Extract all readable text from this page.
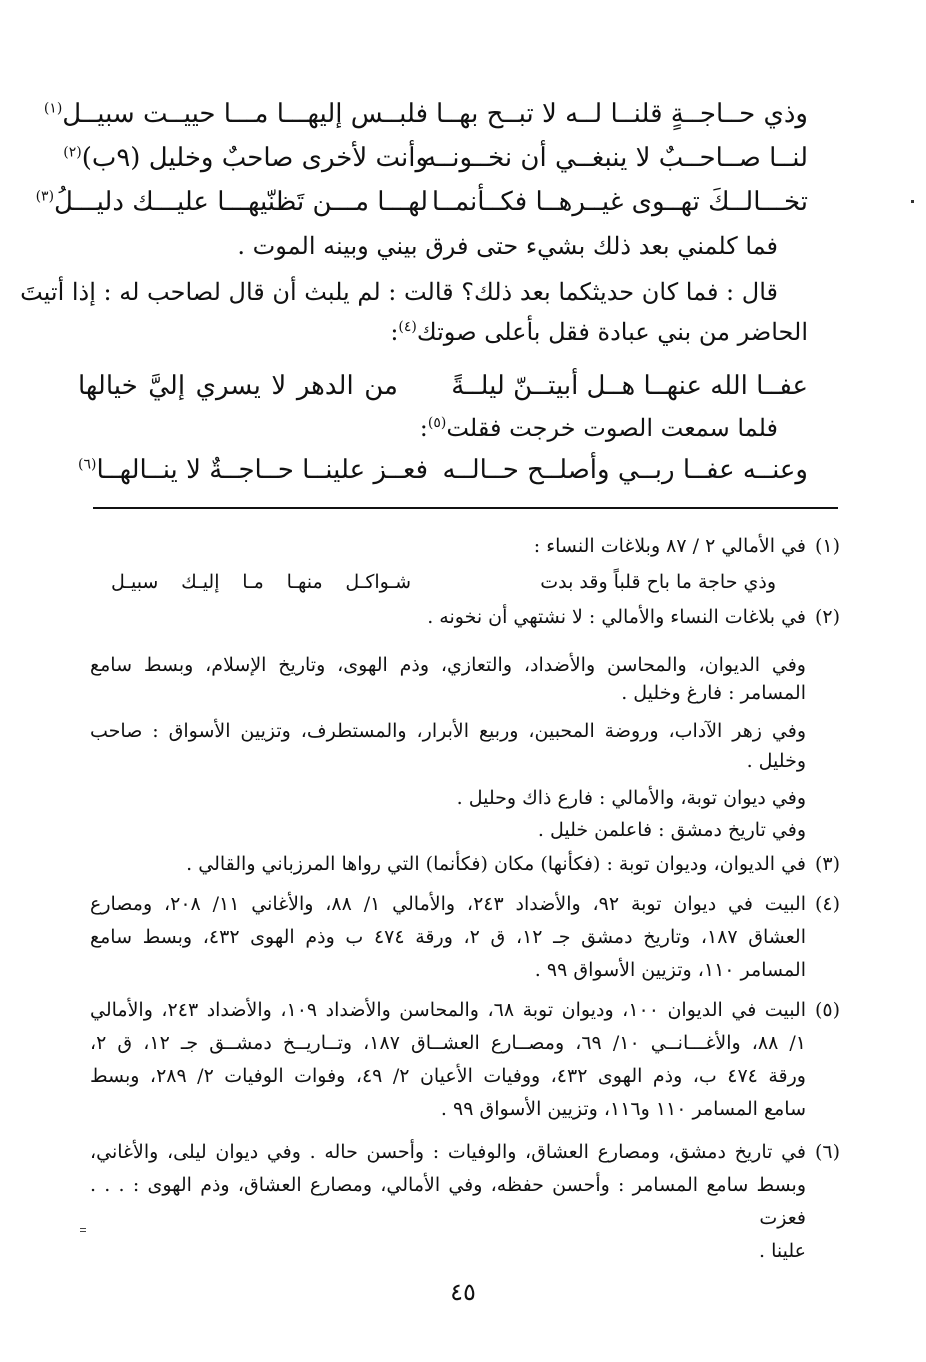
وذي حــاجــةٍ قلنــا لــه لا تبــح بهــا
فلبــس إليهـــا مـــا حييــت سبيــل$^{(١)}$
لنــا صــاحــبٌ لا ينبغــي أن نخــونــه
وأنت لأخرى صاحبٌ وخليل (٩ب)$^{(٢)}$
تخـــالــكَ تهــوى غيــرهــا فكــأنمــا
لهـــا مـــن تَظنّيهـــا عليـــك دليـــلُ$^{(٣)}$
فما كلمني بعد ذلك بشيء حتى فرق بيني وبينه الموت .
قال : فما كان حديثكما بعد ذلك؟ قالت : لم يلبث أن قال لصاحب له : إذا أتيتَ
الحاضر من بني عبادة فقل بأعلى صوتك$^{(٤)}$:
عفــا الله عنهــا هــل أبيتــنّ ليلــةً
من الدهر لا يسري إليَّ خيالها
فلما سمعت الصوت خرجت فقلت$^{(٥)}$:
وعنــه عفــا ربــي وأصلــح حــالــه
فعــز علينــا حــاجــةٌ لا ينــالهــا$^{(٦)}$
(١)
في الأمالي ٢ / ٨٧ وبلاغات النساء :
وذي حاجة ما باح قلباً وقد بدت
شـواكـل منهـا مـا إليـك سبيـل
(٢)
في بلاغات النساء والأمالي : لا نشتهي أن نخونه .
وفي الديوان، والمحاسن والأضداد، والتعازي، وذم الهوى، وتاريخ الإسلام، وبسط سامع
المسامر : فارغ وخليل .
وفي زهر الآداب، وروضة المحبين، وربيع الأبرار، والمستطرف، وتزيين الأسواق : صاحب
وخليل .
وفي ديوان توبة، والأمالي : فارع ذاك وحليل .
وفي تاريخ دمشق : فاعلمن خليل .
(٣)
في الديوان، وديوان توبة : (فكأنها) مكان (فكأنما) التي رواها المرزباني والقالي .
(٤)
البيت في ديوان توبة ٩٢، والأضداد ٢٤٣، والأمالي ١/ ٨٨، والأغاني ١١/ ٢٠٨، ومصارع
العشاق ١٨٧، وتاريخ دمشق جـ ١٢، ق ٢، ورقة ٤٧٤ ب وذم الهوى ٤٣٢، وبسط سامع
المسامر ١١٠، وتزيين الأسواق ٩٩ .
(٥)
البيت في الديوان ١٠٠، وديوان توبة ٦٨، والمحاسن والأضداد ١٠٩، والأضداد ٢٤٣، والأمالي
١/ ٨٨، والأغـــانــي ١٠/ ٦٩، ومصــارع العشــاق ١٨٧، وتــاريــخ دمشــق جـ ١٢، ق ٢،
ورقة ٤٧٤ ب، وذم الهوى ٤٣٢، ووفيات الأعيان ٢/ ٤٩، وفوات الوفيات ٢/ ٢٨٩، وبسط
سامع المسامر ١١٠ و١١٦، وتزيين الأسواق ٩٩ .
(٦)
في تاريخ دمشق، ومصارع العشاق، والوفيات : وأحسن حاله . وفي ديوان ليلى، والأغاني،
وبسط سامع المسامر : وأحسن حفظه، وفي الأمالي، ومصارع العشاق، وذم الهوى : . . . فعزت
علينا .
٤٥
